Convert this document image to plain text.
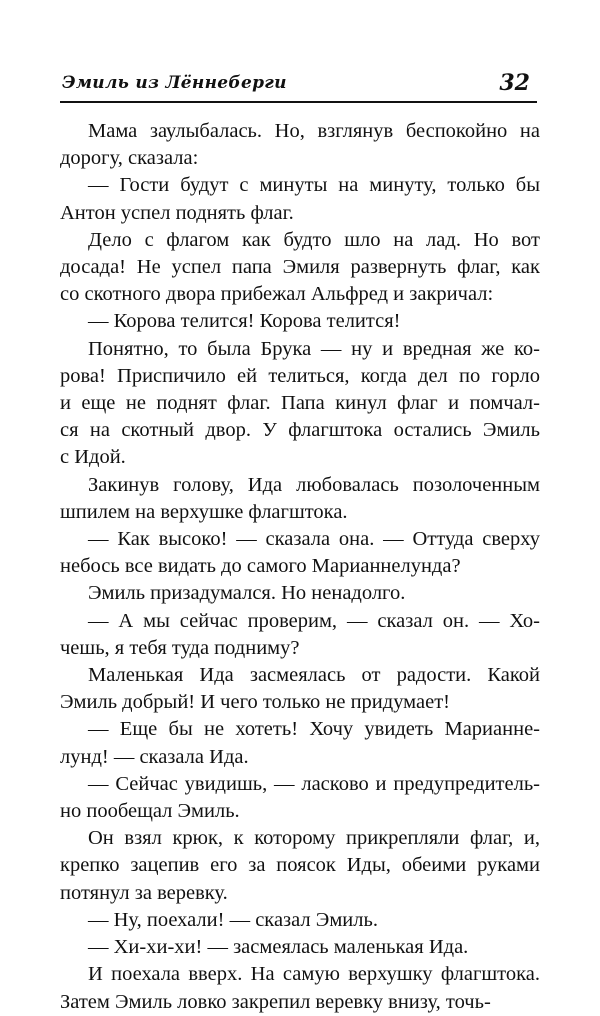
Эмиль из Лённеберги	32

Мама заулыбалась. Но, взглянув беспокойно на
дорогу, сказала:

— Гости будут с минуты на минуту, только бы
Антон успел поднять флаг.

Дело с флагом как будто шло на лад. Но вот
досада! Не успел папа Эмиля развернуть флаг, как
со скотного двора прибежал Альфред и закричал:

— Корова телится! Корова телится!

Понятно, то была Брука — ну и вредная же ко-
рова! Приспичило ей телиться, когда дел по горло
и еще не поднят флаг. Папа кинул флаг и помчал-
ся на скотный двор. У флагштока остались Эмиль
с Идой.

Закинув голову, Ида любовалась позолоченным
шпилем на верхушке флагштока.

— Как высоко! — сказала она. — Оттуда сверху
небось все видать до самого Марианнелунда?

Эмиль призадумался. Но ненадолго.

— А мы сейчас проверим, — сказал он. — Хо-
чешь, я тебя туда подниму?

Маленькая Ида засмеялась от радости. Какой
Эмиль добрый! И чего только не придумает!

— Еще бы не хотеть! Хочу увидеть Марианне-
лунд! — сказала Ида.

— Сейчас увидишь, — ласково и предупредитель-
но пообещал Эмиль.

Он взял крюк, к которому прикрепляли флаг, и,
крепко зацепив его за поясок Иды, обеими руками
потянул за веревку.

— Ну, поехали! — сказал Эмиль.

— Хи-хи-хи! — засмеялась маленькая Ида.

И поехала вверх. На самую верхушку флагштока.
Затем Эмиль ловко закрепил веревку внизу, точь-
